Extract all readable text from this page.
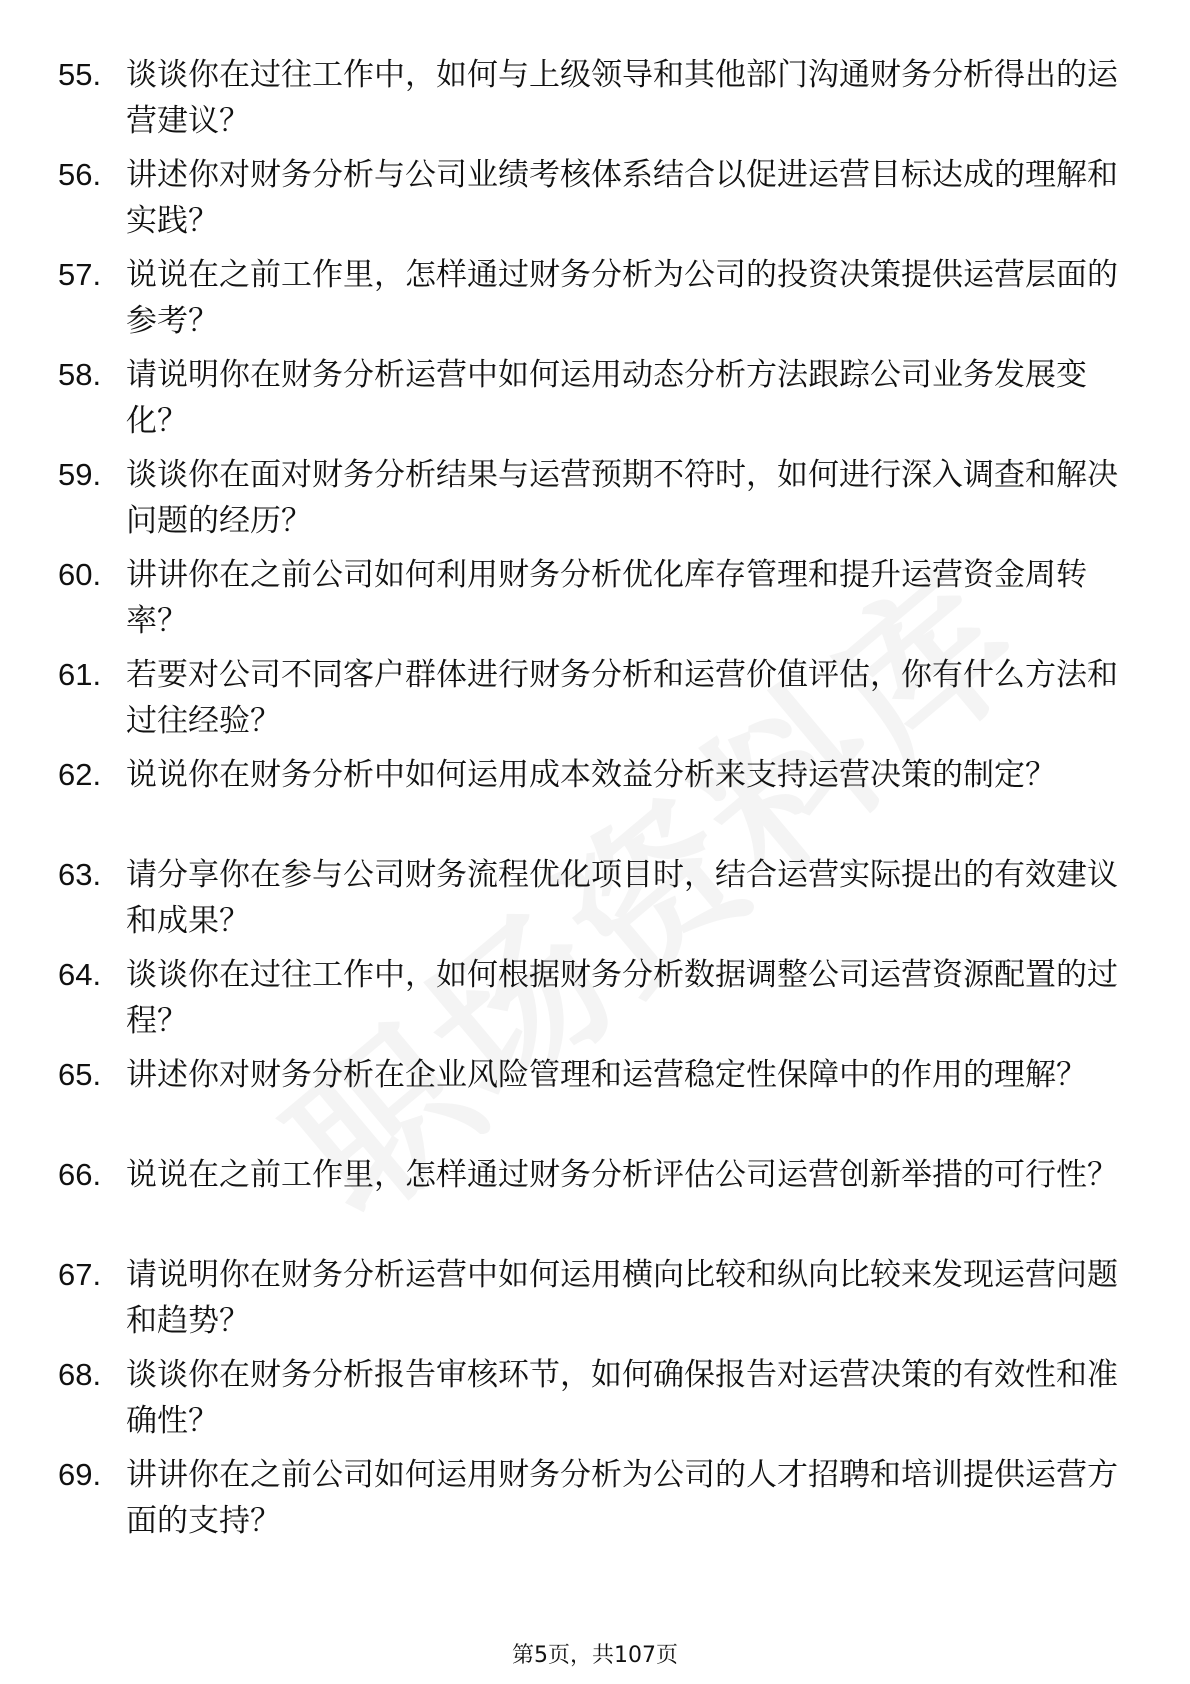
55. 谈谈你在过往工作中，如何与上级领导和其他部门沟通财务分析得出的运营建议？
56. 讲述你对财务分析与公司业绩考核体系结合以促进运营目标达成的理解和实践？
57. 说说在之前工作里，怎样通过财务分析为公司的投资决策提供运营层面的参考？
58. 请说明你在财务分析运营中如何运用动态分析方法跟踪公司业务发展变化？
59. 谈谈你在面对财务分析结果与运营预期不符时，如何进行深入调查和解决问题的经历？
60. 讲讲你在之前公司如何利用财务分析优化库存管理和提升运营资金周转率？
61. 若要对公司不同客户群体进行财务分析和运营价值评估，你有什么方法和过往经验？
62. 说说你在财务分析中如何运用成本效益分析来支持运营决策的制定？
63. 请分享你在参与公司财务流程优化项目时，结合运营实际提出的有效建议和成果？
64. 谈谈你在过往工作中，如何根据财务分析数据调整公司运营资源配置的过程？
65. 讲述你对财务分析在企业风险管理和运营稳定性保障中的作用的理解？
66. 说说在之前工作里，怎样通过财务分析评估公司运营创新举措的可行性？
67. 请说明你在财务分析运营中如何运用横向比较和纵向比较来发现运营问题和趋势？
68. 谈谈你在财务分析报告审核环节，如何确保报告对运营决策的有效性和准确性？
69. 讲讲你在之前公司如何运用财务分析为公司的人才招聘和培训提供运营方面的支持？
第5页，共107页
